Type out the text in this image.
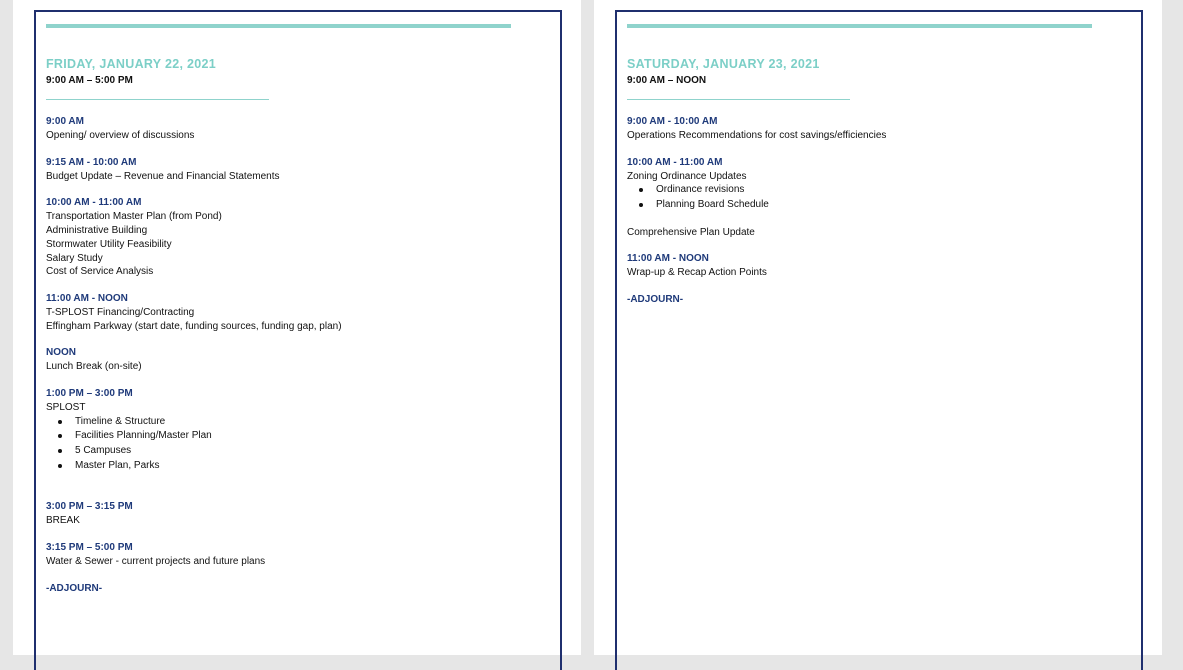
FRIDAY, JANUARY 22, 2021
9:00 AM – 5:00 PM
9:00 AM
Opening/ overview of discussions
9:15 AM - 10:00 AM
Budget Update – Revenue and Financial Statements
10:00 AM - 11:00 AM
Transportation Master Plan (from Pond)
Administrative Building
Stormwater Utility Feasibility
Salary Study
Cost of Service Analysis
11:00 AM - NOON
T-SPLOST Financing/Contracting
Effingham Parkway (start date, funding sources, funding gap, plan)
NOON
Lunch Break (on-site)
1:00 PM – 3:00 PM
SPLOST
Timeline & Structure
Facilities Planning/Master Plan
5 Campuses
Master Plan, Parks
3:00 PM – 3:15 PM
BREAK
3:15 PM – 5:00 PM
Water & Sewer - current projects and future plans
-ADJOURN-
SATURDAY, JANUARY 23, 2021
9:00 AM – NOON
9:00 AM - 10:00 AM
Operations Recommendations for cost savings/efficiencies
10:00 AM - 11:00 AM
Zoning Ordinance Updates
Ordinance revisions
Planning Board Schedule
Comprehensive Plan Update
11:00 AM - NOON
Wrap-up & Recap Action Points
-ADJOURN-
